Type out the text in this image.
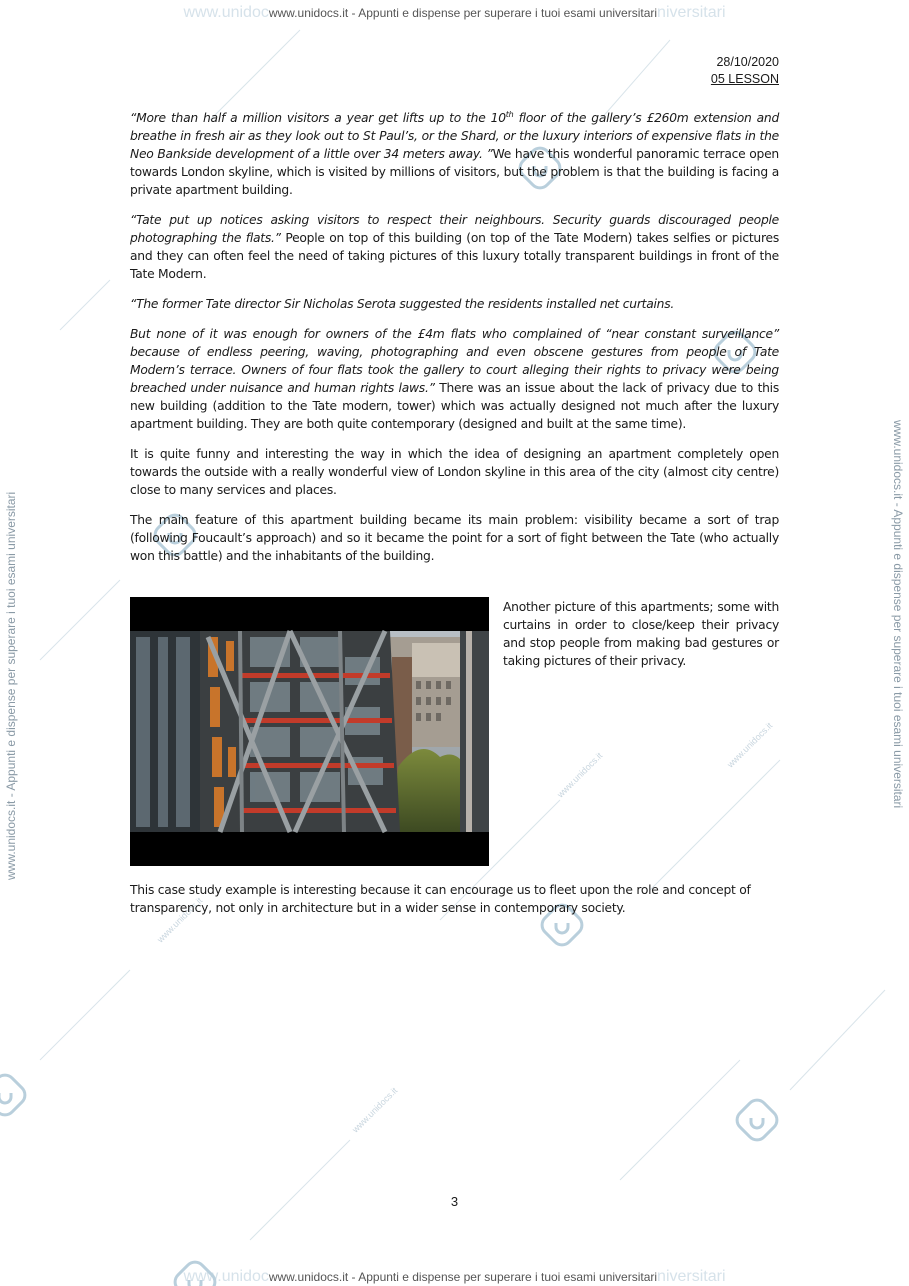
www.unidocwww.unidocs.it - Appunti e dispense per superare i tuoi esami universitariniversitari
www.unidocwww.unidocs.it - Appunti e dispense per superare i tuoi esami universitariniversitari
www.unidocs.it - Appunti e dispense per superare i tuoi esami universitari	www.unidocs.it - Appunti e dispense per superare i tuoi esami universitari
www.unidocs.it
www.unidocs.it
www.unidocs.it
www.unidocs.it
28/10/2020
05 LESSON

“More than half a million visitors a year get lifts up to the 10th floor of the gallery’s £260m extension and breathe in fresh air as they look out to St Paul’s, or the Shard, or the luxury interiors of expensive flats in the Neo Bankside development of a little over 34 meters away. ”We have this wonderful panoramic terrace open towards London skyline, which is visited by millions of visitors, but the problem is that the building is facing a private apartment building.

“Tate put up notices asking visitors to respect their neighbours. Security guards discouraged people photographing the flats.” People on top of this building (on top of the Tate Modern) takes selfies or pictures and they can often feel the need of taking pictures of this luxury totally transparent buildings in front of the Tate Modern.

“The former Tate director Sir Nicholas Serota suggested the residents installed net curtains.

But none of it was enough for owners of the £4m flats who complained of “near constant surveillance” because of endless peering, waving, photographing and even obscene gestures from people of Tate Modern’s terrace. Owners of four flats took the gallery to court alleging their rights to privacy were being breached under nuisance and human rights laws.” There was an issue about the lack of privacy due to this new building (addition to the Tate modern, tower) which was actually designed not much after the luxury apartment building. They are both quite contemporary (designed and built at the same time).

It is quite funny and interesting the way in which the idea of designing an apartment completely open towards the outside with a really wonderful view of London skyline in this area of the city (almost city centre) close to many services and places.

The main feature of this apartment building became its main problem: visibility became a sort of trap (following Foucault’s approach) and so it became the point for a sort of fight between the Tate (who actually won this battle) and the inhabitants of the building.

Another picture of this apartments; some with curtains in order to close/keep their privacy and stop people from making bad gestures or taking pictures of their privacy.
This case study example is interesting because it can encourage us to fleet upon the role and concept of transparency, not only in architecture but in a wider sense in contemporary society.
3
